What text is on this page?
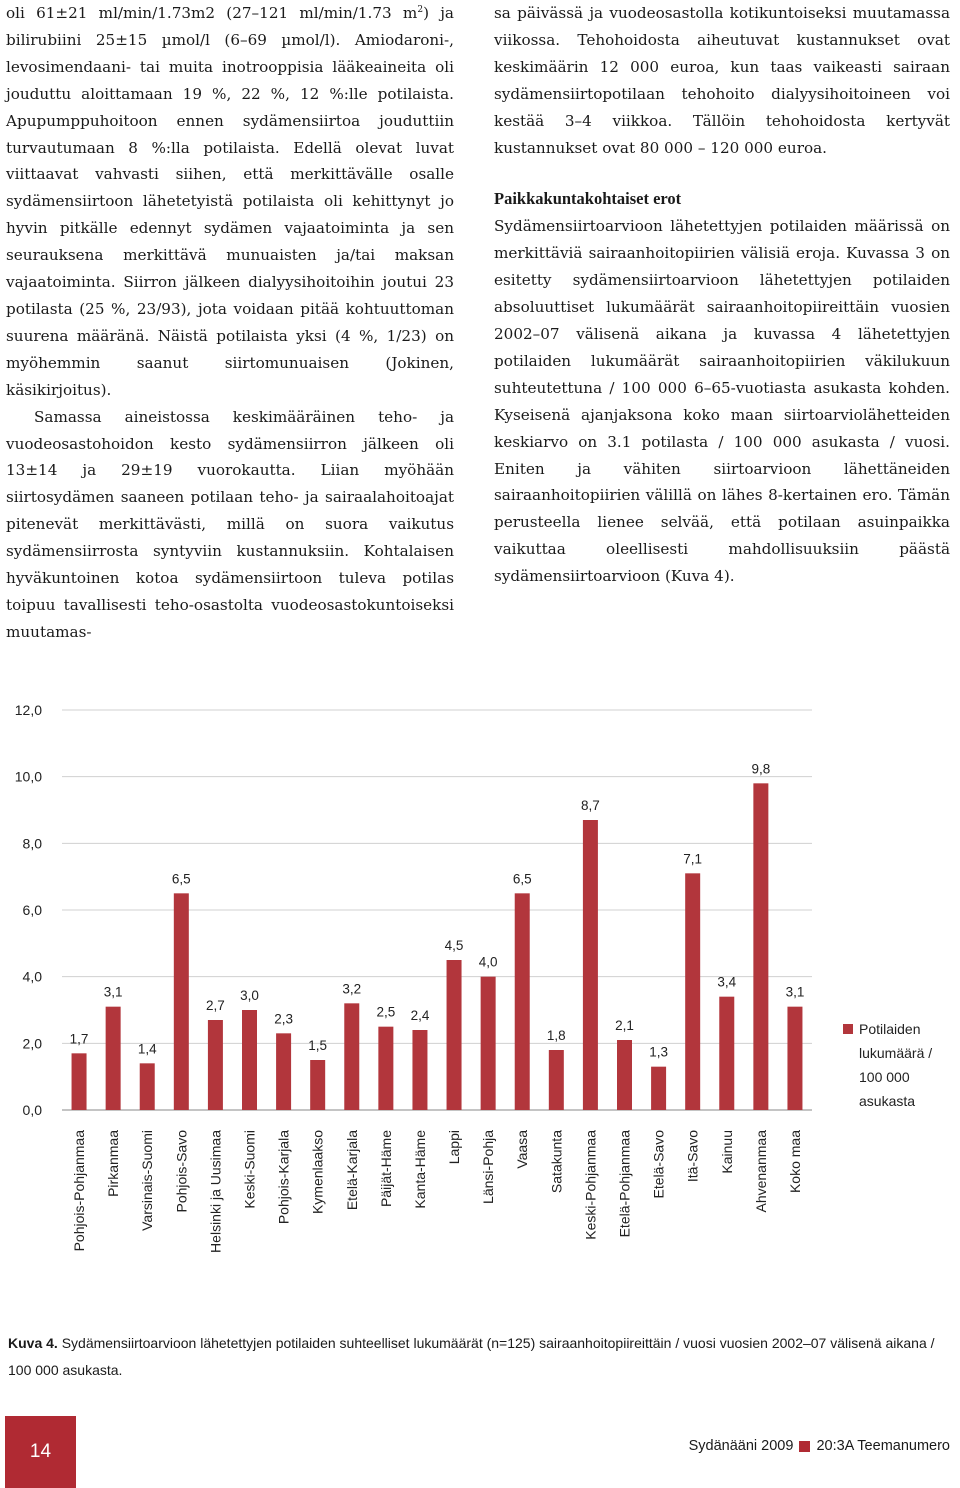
oli 61±21 ml/min/1.73m2 (27–121 ml/min/1.73 $m^2$) ja bilirubiini 25±15 µmol/l (6–69 µmol/l). Amiodaroni-, levosimendaani- tai muita inotrooppisia lääkeaineita oli jouduttu aloittamaan 19 %, 22 %, 12 %:lle potilaista. Apupumppuhoitoon ennen sydämensiirtoa jouduttiin turvautumaan 8 %:lla potilaista. Edellä olevat luvat viittaavat vahvasti siihen, että merkittävälle osalle sydämensiirtoon lähetetyistä potilaista oli kehittynyt jo hyvin pitkälle edennyt sydämen vajaatoiminta ja sen seurauksena merkittävä munuaisten ja/tai maksan vajaatoiminta. Siirron jälkeen dialyysihoitoihin joutui 23 potilasta (25 %, 23/93), jota voidaan pitää kohtuuttoman suurena määränä. Näistä potilaista yksi (4 %, 1/23) on myöhemmin saanut siirtomunuaisen (Jokinen, käsikirjoitus).

Samassa aineistossa keskimääräinen teho- ja vuodeosastohoidon kesto sydämensiirron jälkeen oli 13±14 ja 29±19 vuorokautta. Liian myöhään siirtosydämen saaneen potilaan teho- ja sairaalahoitoajat pitenevät merkittävästi, millä on suora vaikutus sydämensiirrosta syntyviin kustannuksiin. Kohtalaisen hyväkuntoinen kotoa sydämensiirtoon tuleva potilas toipuu tavallisesti teho-osastolta vuodeosastokuntoiseksi muutamas-

sa päivässä ja vuodeosastolla kotikuntoiseksi muutamassa viikossa. Tehohoidosta aiheutuvat kustannukset ovat keskimäärin 12 000 euroa, kun taas vaikeasti sairaan sydämensiirtopotilaan tehohoito dialyysihoitoineen voi kestää 3–4 viikkoa. Tällöin tehohoidosta kertyvät kustannukset ovat 80 000 – 120 000 euroa.

Paikkakuntakohtaiset erot

Sydämensiirtoarvioon lähetettyjen potilaiden määrissä on merkittäviä sairaanhoitopiirien välisiä eroja. Kuvassa 3 on esitetty sydämensiirtoarvioon lähetettyjen potilaiden absoluuttiset lukumäärät sairaanhoitopiireittäin vuosien 2002–07 välisenä aikana ja kuvassa 4 lähetettyjen potilaiden lukumäärät sairaanhoitopiirien väkilukuun suhteutettuna / 100 000 6–65-vuotiasta asukasta kohden. Kyseisenä ajanjaksona koko maan siirtoarviolähetteiden keskiarvo on 3.1 potilasta / 100 000 asukasta / vuosi. Eniten ja vähiten siirtoarvioon lähettäneiden sairaanhoitopiirien välillä on lähes 8-kertainen ero. Tämän perusteella lienee selvää, että potilaan asuinpaikka vaikuttaa oleellisesti mahdollisuuksiin päästä sydämensiirtoarvioon (Kuva 4).

0,0
2,0
4,0
6,0
8,0
10,0
12,0
1,7
Pohjois-Pohjanmaa
3,1
Pirkanmaa
1,4
Varsinais-Suomi
6,5
Pohjois-Savo
2,7
Helsinki ja Uusimaa
3,0
Keski-Suomi
2,3
Pohjois-Karjala
1,5
Kymenlaakso
3,2
Etelä-Karjala
2,5
Päijät-Häme
2,4
Kanta-Häme
4,5
Lappi
4,0
Länsi-Pohja
6,5
Vaasa
1,8
Satakunta
8,7
Keski-Pohjanmaa
2,1
Etelä-Pohjanmaa
1,3
Etelä-Savo
7,1
Itä-Savo
3,4
Kainuu
9,8
Ahvenanmaa
3,1
Koko maa
Potilaiden
lukumäärä /
100 000
asukasta
Kuva 4. Sydämensiirtoarvioon lähetettyjen potilaiden suhteelliset lukumäärät (n=125) sairaanhoitopiireittäin / vuosi vuosien 2002–07 välisenä aikana / 100 000 asukasta.
14	Sydänääni 2009 20:3A Teemanumero
